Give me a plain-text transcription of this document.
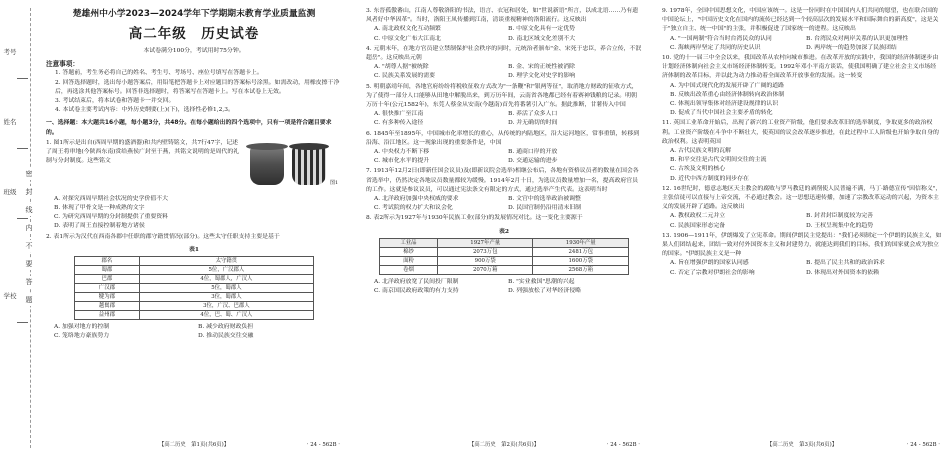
考号
姓名
班级
学校
密
封
线
内
不
要
答
题
楚雄州中小学2023—2024学年下学期期末教育学业质量监测
高二年级　历史试卷
本试卷满分100分，考试用时75分钟。
注意事项：

1. 答题前，考生务必将自己的姓名、考生号、考场号、座位号填写在答题卡上。

2. 回答选择题时，选出每小题答案后，用铅笔把答题卡上对应题目的答案标号涂黑。如需改动，用橡皮擦干净后，再选涂其他答案标号。回答非选择题时，将答案写在答题卡上。写在本试卷上无效。

3. 考试结束后，将本试卷和答题卡一并交回。

4. 本试卷主要考试内容：中外历史纲要(上)(下)，选择性必修1,2,3。

一、选择题：本大题共16小题，每小题3分，共48分。在每小题给出的四个选项中，只有一项是符合题目要求的。
1. 图1所示是出自(西周早期的盛酒器)和共内壁铸铭文，共7行47字，记述了周王将审地(今陕西东南)赏给燕侯广封至于燕，其铭文说明的是周代的礼制与分封制度。这些铭文
图1
A. 对探究西周早期社会状况的史学价值不大
B. 体现了甲骨文是一种成熟的文字
C. 为研究西周早期的分封制提供了重要资料
D. 表明了周王直接控制着地方诸侯
2. 表1所示为汉代在西南各郡中任职的郡守籍贯情况(部分)。这些太守任职支持主要是基于
表1
郡名	太守籍贯
蜀郡	5位，广汉郡人
巴郡	4位，蜀郡人，广汉人
广汉郡	5位，蜀郡人
犍为郡	3位，蜀郡人
越嶲郡	3位，广汉、巴郡人
益州郡	4位，巴、蜀、广汉人
A. 加强对地方的控制	B. 减少政府财政负担
C. 笼络地方豪族势力	D. 推动民族交往交融
【高二历史　第1页(共6页)】	· 24 - 562B ·
3. 东晋孤傲蕃山，江南人尊敬洛阳的书法，语言、衣冠和居处，如"世说新语"所言，以成北语……乃有遗风者好中华因革"。当时，洛阳王凤传播到江南，清谈重视精神的洛阳流行。这反映出
A. 南北政权文化互动频繁	B. 中原文化具有一定优势
C. 中原文化广布大江南北	D. 南北区域文化差别不大
4. 元朝末年，在地方官员建立禁制保护社会秩序的同时，元统治者颁布"金、宋死于忠臣，养合立传，不泯超岳"。这反映出元朝
A. "胡尊人据"被统除	B. 金、宋的正统性被消除
C. 民族关系发展的需要	D. 理学文化对史学的影响
5. 明朝嘉靖年间，各地官府纷纷将税收征收方式改为"一条鞭"和"银两等征"，取消地方财政的征收方式，为了使得一部分人口能够从田地中解脱出来，到万历年间，云南省各地都已经有着赛神钱粮的记录。明朝万历十年(公元1582年)，东莞人蔡金从安南(今越南)首先将番薯引入广东。据此推断，甘薯传入中国
A. 很快推广至江南	B. 养活了众多人口
C. 有多种传入途径	D. 并无确切的时间
6. 1845年至1895年，中国城市化率增长的重心，从传统的内陆地区，沿大运河地区，常事重镇，转移到沿海、沿江地区。这一现象出现的重要条件是，中国
A. 中央权力不断下移	B. 通商口岸的开放
C. 城市化水平的提升	D. 交通运输的进步
7. 1913年12月2日(即新任国会议员)及(即新议院会选举)相继公布后，各地有资格议员者的数量在国会各省选举中，仍然决定各地议员数量都较为缓慢。1914年2月十日，为选议员数量增加一名，提高政府官员的工作。这就是参议议员，可以通过宪法条文有限定的方式，通过选举产生代表。这表明当时
A. 北洋政府加强中央权威的要求	B. 文官中的选举政治被调整
C. 考试院的权力扩大和议会化	D. 民国官制仍沿用清末旧制
8. 表2所示为1927年与1930年民族工业(部分)的发展情况对比。这一变化主要源于
表2
工业品	1927年产量	1930年产量
棉纱	2073万包	2481万包
面粉	900万袋	1600万袋
卷烟	2070万箱	2568万箱
A. 北洋政府放宽了民间投厂限制	B. "实业救国"思潮的兴起
C. 南京国民政府政策的有力支持	D. 列强放松了对华经济侵略
【高二历史　第2页(共6页)】	· 24 - 562B ·
9. 1978年，全国中国思想文化，中国应该统一。这是一份同时在中国国内人们共同的愿望，也在联合国的中国论坛上，"中国历史文化在国内的流传已经达到一个较高层次的发展水平和国际舞台的新高度"，这是关于"独立自主、统一中国"的主张，并积极促进了国家统一的进程。这反映出
A. "一国两制"符合当时台湾民众的认同	B. 台湾民众对两岸关系的认识更加理性
C. 海峡两岸坚定了共同的历史认识	D. 两岸统一的趋势加深了民族团结
10. 党的十一届三中全会以来，我国改革从农村向城市推进。在改革开放的实践中，我国的经济体制逐步由计划经济体制向社会主义市场经济体制转变。1992年邓小平南方谈话，使我国明确了建立社会主义市场经济体制的改革目标，并以此为动力推动着全面改革开放事业的发展。这一转变
A. 为中国式现代化的发展开辟了广阔的道路
B. 反映出改革重心由经济体制转向政治体制
C. 体现出领导集体对经济建设规律的认识
D. 促成了当代中国社会主要矛盾的转化
11. 英国工业革命开始后，出现了新兴的工业资产阶级，他们要求改革旧的选举制度，争取更多的政治权利。工业资产阶级在斗争中不断壮大，使英国的议会改革逐步推进，在此过程中工人阶级也开始争取自身的政治权利。这表明英国
A. 古代民族文明的瓦解
B. 和平交往是古代文明间交往的主流
C. 古埃及文明的核心
D. 近代中西方制度的同步存在
12. 16世纪时，德意志地区天主教会的腐败与罗马教廷的剥削使人民普遍不满，马丁·路德宣传"因信称义"，主张信徒可以直接与上帝交流，不必通过教会。这一思想迅速传播，加速了宗教改革运动的兴起，为资本主义的发展开辟了道路。这反映出
A. 教权政权二元并立	B. 封君封臣制度较为完善
C. 民族国家形态完备	D. 王权呈现集中化的趋势
13. 1906—1911年，伊朗爆发了立宪革命。期间伊朗民主党提出："我们必须制定一个伊朗的民族主义，如果人们团结起来，团结一致对付外国资本主义和封建势力，就能达到我们的目标，我们的国家就会成为独立的国家。"伊朗民族主义是一种
A. 旨在增强伊朗的国家认同感	B. 提出了民主共和的政治诉求
C. 否定了宗教对伊朗社会的影响	D. 体现出对外国资本的依赖
【高二历史　第3页(共6页)】	· 24 - 562B ·
